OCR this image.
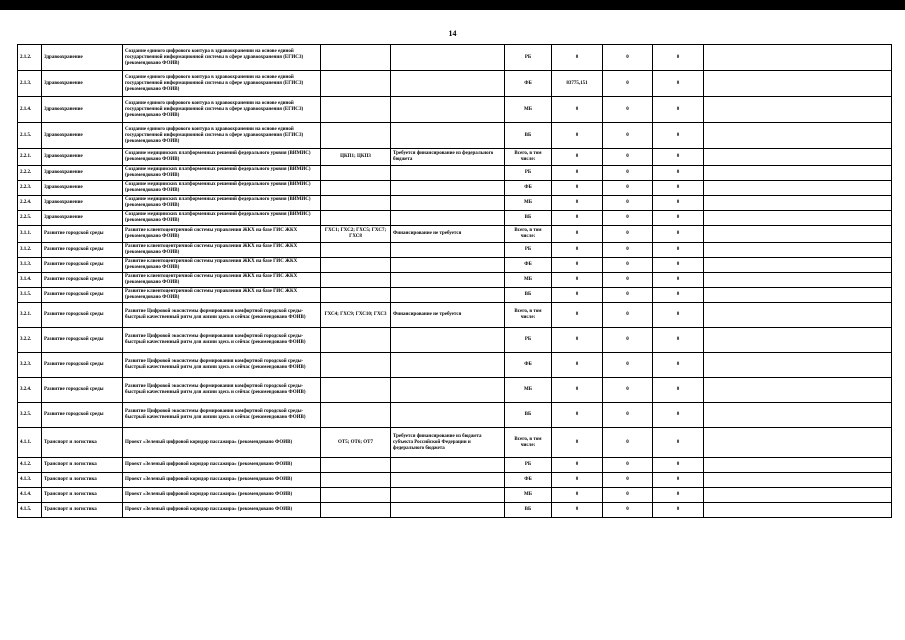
14
2.1.2.	Здравоохранение	Создание единого цифрового контура в здравоохранении на основе единой государственной информационной системы в сфере здравоохранения (ЕГИСЗ) (рекомендовано ФОИВ)			РБ	0	0	0	
2.1.3.	Здравоохранение	Создание единого цифрового контура в здравоохранении на основе единой государственной информационной системы в сфере здравоохранения (ЕГИСЗ) (рекомендовано ФОИВ)			ФБ	83775,151	0	0	
2.1.4.	Здравоохранение	Создание единого цифрового контура в здравоохранении на основе единой государственной информационной системы в сфере здравоохранения (ЕГИСЗ) (рекомендовано ФОИВ)			МБ	0	0	0	
2.1.5.	Здравоохранение	Создание единого цифрового контура в здравоохранении на основе единой государственной информационной системы в сфере здравоохранения (ЕГИСЗ) (рекомендовано ФОИВ)			ВБ	0	0	0	
2.2.1.	Здравоохранение	Создание медицинских платформенных решений федерального уровня (ВИМИС) (рекомендовано ФОИВ)	ЦКП1; ЦКП3	Требуется финансирование из федерального бюджета	Всего, в том числе:	0	0	0	
2.2.2.	Здравоохранение	Создание медицинских платформенных решений федерального уровня (ВИМИС) (рекомендовано ФОИВ)			РБ	0	0	0	
2.2.3.	Здравоохранение	Создание медицинских платформенных решений федерального уровня (ВИМИС) (рекомендовано ФОИВ)			ФБ	0	0	0	
2.2.4.	Здравоохранение	Создание медицинских платформенных решений федерального уровня (ВИМИС) (рекомендовано ФОИВ)			МБ	0	0	0	
2.2.5.	Здравоохранение	Создание медицинских платформенных решений федерального уровня (ВИМИС) (рекомендовано ФОИВ)			ВБ	0	0	0	
3.1.1.	Развитие городской среды	Развитие клиентоцентричной системы управления ЖКХ на базе ГИС ЖКХ (рекомендовано ФОИВ)	ГХС1; ГХС2; ГХС5; ГХС7; ГХС8	Финансирование не требуется	Всего, в том числе:	0	0	0	
3.1.2.	Развитие городской среды	Развитие клиентоцентричной системы управления ЖКХ на базе ГИС ЖКХ (рекомендовано ФОИВ)			РБ	0	0	0	
3.1.3.	Развитие городской среды	Развитие клиентоцентричной системы управления ЖКХ на базе ГИС ЖКХ (рекомендовано ФОИВ)			ФБ	0	0	0	
3.1.4.	Развитие городской среды	Развитие клиентоцентричной системы управления ЖКХ на базе ГИС ЖКХ (рекомендовано ФОИВ)			МБ	0	0	0	
3.1.5.	Развитие городской среды	Развитие клиентоцентричной системы управления ЖКХ на базе ГИС ЖКХ (рекомендовано ФОИВ)			ВБ	0	0	0	
3.2.1.	Развитие городской среды	Развитие Цифровой экосистемы формирования комфортной городской среды-быстрый качественный ритм для жизни здесь и сейчас (рекомендовано ФОИВ)	ГХС4; ГХС9; ГХС10; ГХС3	Финансирование не требуется	Всего, в том числе:	0	0	0	
3.2.2.	Развитие городской среды	Развитие Цифровой экосистемы формирования комфортной городской среды-быстрый качественный ритм для жизни здесь и сейчас (рекомендовано ФОИВ)			РБ	0	0	0	
3.2.3.	Развитие городской среды	Развитие Цифровой экосистемы формирования комфортной городской среды-быстрый качественный ритм для жизни здесь и сейчас (рекомендовано ФОИВ)			ФБ	0	0	0	
3.2.4.	Развитие городской среды	Развитие Цифровой экосистемы формирования комфортной городской среды-быстрый качественный ритм для жизни здесь и сейчас (рекомендовано ФОИВ)			МБ	0	0	0	
3.2.5.	Развитие городской среды	Развитие Цифровой экосистемы формирования комфортной городской среды-быстрый качественный ритм для жизни здесь и сейчас (рекомендовано ФОИВ)			ВБ	0	0	0	
4.1.1.	Транспорт и логистика	Проект «Зеленый цифровой коридор пассажира» (рекомендовано ФОИВ)	ОТ5; ОТ6; ОТ7	Требуется финансирование из бюджета субъекта Российской Федерации и федерального бюджета	Всего, в том числе:	0	0	0	
4.1.2.	Транспорт и логистика	Проект «Зеленый цифровой коридор пассажира» (рекомендовано ФОИВ)			РБ	0	0	0	
4.1.3.	Транспорт и логистика	Проект «Зеленый цифровой коридор пассажира» (рекомендовано ФОИВ)			ФБ	0	0	0	
4.1.4.	Транспорт и логистика	Проект «Зеленый цифровой коридор пассажира» (рекомендовано ФОИВ)			МБ	0	0	0	
4.1.5.	Транспорт и логистика	Проект «Зеленый цифровой коридор пассажира» (рекомендовано ФОИВ)			ВБ	0	0	0	
